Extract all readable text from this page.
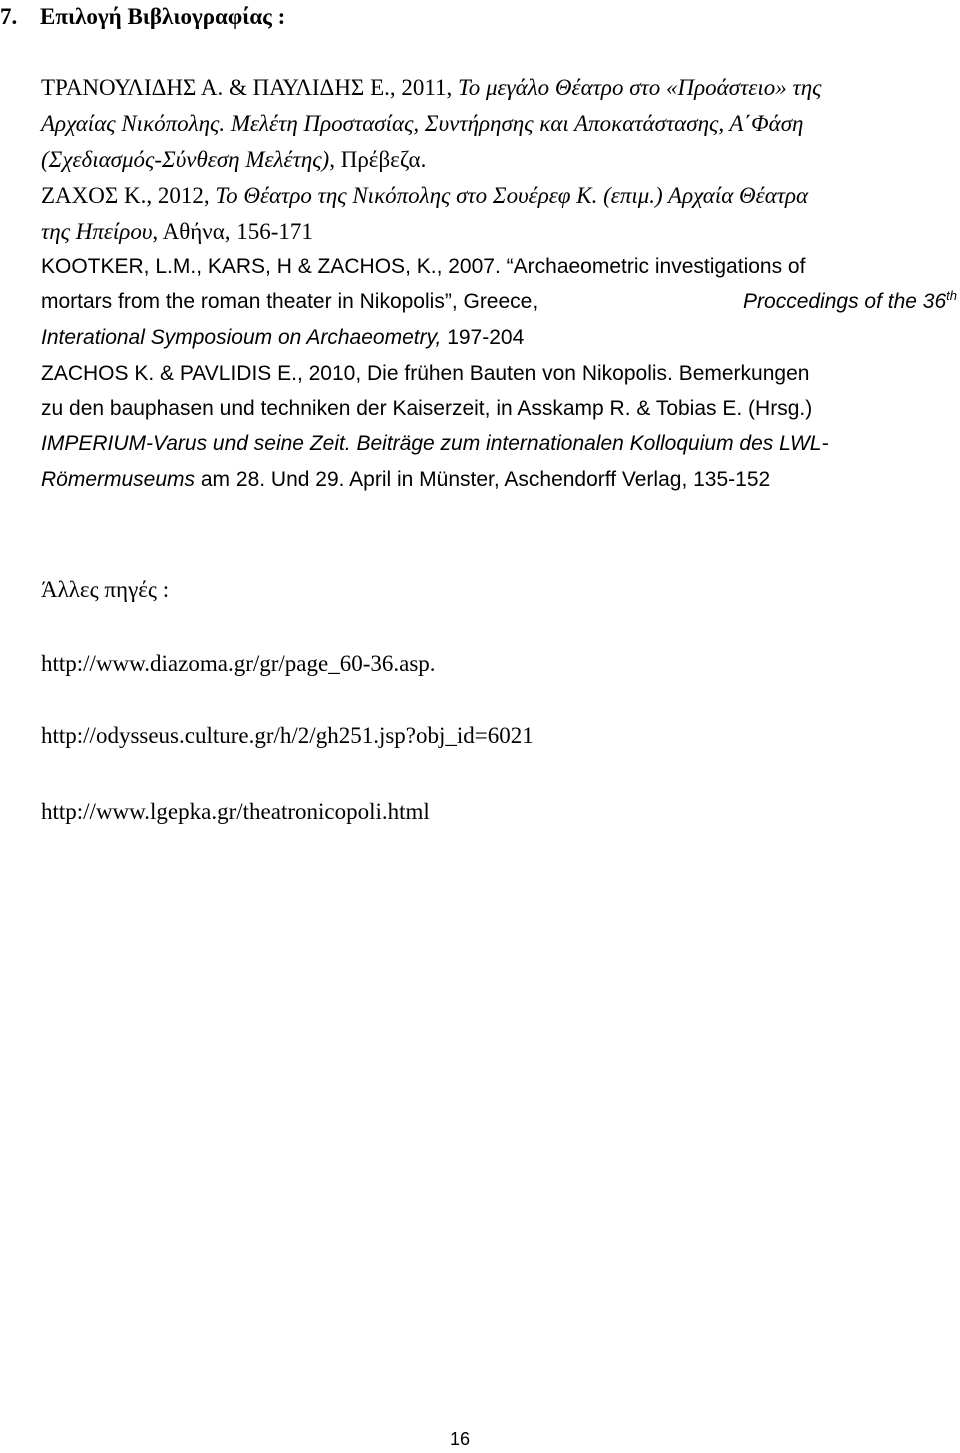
7. Επιλογή Βιβλιογραφίας :
ΤΡΑΝΟΥΛΙΔΗΣ Α. & ΠΑΥΛΙΔΗΣ Ε., 2011, Το μεγάλο Θέατρο στο «Προάστειο» της
Αρχαίας Νικόπολης. Μελέτη Προστασίας, Συντήρησης και Αποκατάστασης, Α΄Φάση
(Σχεδιασμός-Σύνθεση Μελέτης), Πρέβεζα.
ΖΑΧΟΣ Κ., 2012, Το Θέατρο της Νικόπολης στο Σουέρεφ Κ. (επιμ.) Αρχαία Θέατρα
της Ηπείρου, Αθήνα, 156-171
KOOTKER, L.M., KARS, H & ZACHOS, K., 2007. “Archaeometric investigations of
mortars from the roman theater in Nikopolis”, Greece,	Proccedings of the 36th
Interational Symposioum on Archaeometry, 197-204
ZACHOS K. & PAVLIDIS E., 2010, Die frühen Bauten von Nikopolis. Bemerkungen
zu den bauphasen und techniken der Kaiserzeit, in Asskamp R. & Tobias E. (Hrsg.)
IMPERIUM-Varus und seine Zeit. Beiträge zum internationalen Kolloquium des LWL-
Römermuseums am 28. Und 29. April in Münster, Aschendorff Verlag, 135-152
Άλλες πηγές :
http://www.diazoma.gr/gr/page_60-36.asp.
http://odysseus.culture.gr/h/2/gh251.jsp?obj_id=6021
http://www.lgepka.gr/theatronicopoli.html
16
